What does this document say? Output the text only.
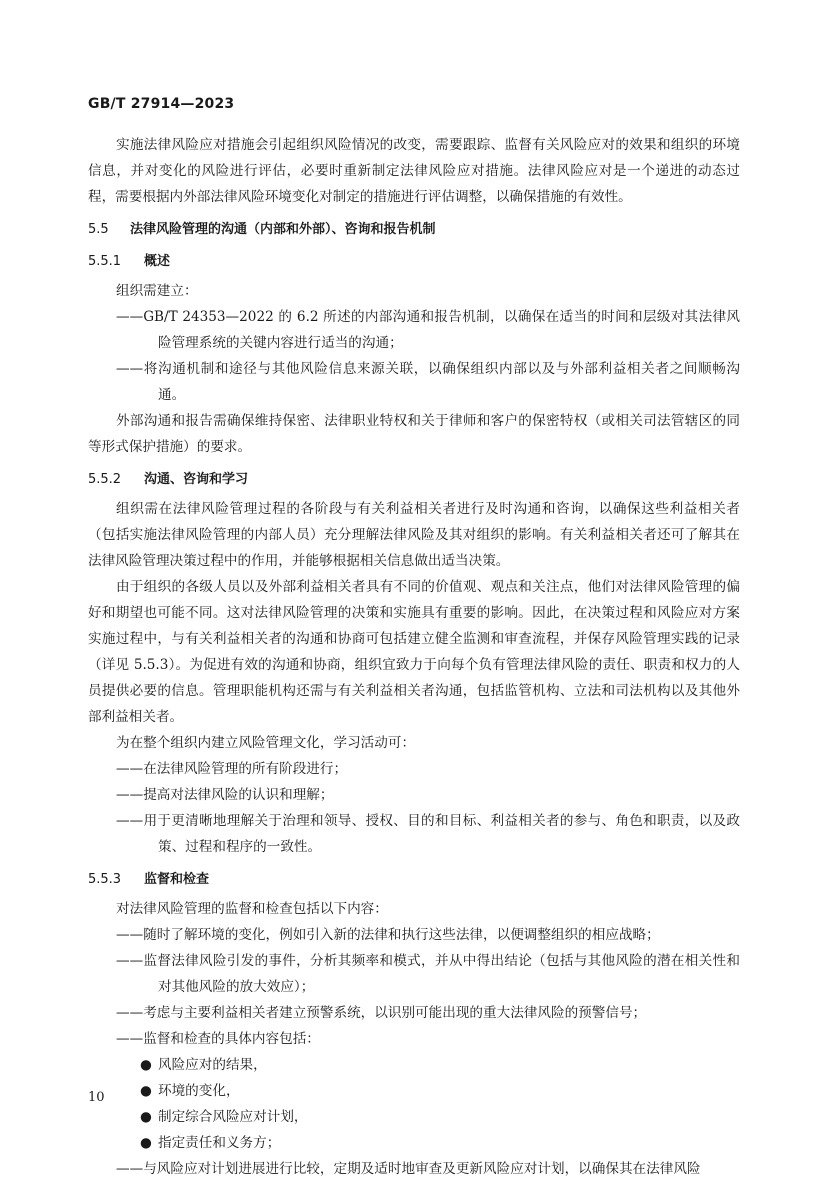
GB/T 27914—2023

实施法律风险应对措施会引起组织风险情况的改变，需要跟踪、监督有关风险应对的效果和组织的环境信息，并对变化的风险进行评估，必要时重新制定法律风险应对措施。法律风险应对是一个递进的动态过程，需要根据内外部法律风险环境变化对制定的措施进行评估调整，以确保措施的有效性。

5.5 法律风险管理的沟通（内部和外部）、咨询和报告机制
5.5.1 概述

组织需建立：

——GB/T 24353—2022 的 6.2 所述的内部沟通和报告机制，以确保在适当的时间和层级对其法律风险管理系统的关键内容进行适当的沟通；

——将沟通机制和途径与其他风险信息来源关联，以确保组织内部以及与外部利益相关者之间顺畅沟通。

外部沟通和报告需确保维持保密、法律职业特权和关于律师和客户的保密特权（或相关司法管辖区的同等形式保护措施）的要求。

5.5.2 沟通、咨询和学习

组织需在法律风险管理过程的各阶段与有关利益相关者进行及时沟通和咨询，以确保这些利益相关者（包括实施法律风险管理的内部人员）充分理解法律风险及其对组织的影响。有关利益相关者还可了解其在法律风险管理决策过程中的作用，并能够根据相关信息做出适当决策。

由于组织的各级人员以及外部利益相关者具有不同的价值观、观点和关注点，他们对法律风险管理的偏好和期望也可能不同。这对法律风险管理的决策和实施具有重要的影响。因此，在决策过程和风险应对方案实施过程中，与有关利益相关者的沟通和协商可包括建立健全监测和审查流程，并保存风险管理实践的记录（详见 5.5.3）。为促进有效的沟通和协商，组织宜致力于向每个负有管理法律风险的责任、职责和权力的人员提供必要的信息。管理职能机构还需与有关利益相关者沟通，包括监管机构、立法和司法机构以及其他外部利益相关者。

为在整个组织内建立风险管理文化，学习活动可：

——在法律风险管理的所有阶段进行；

——提高对法律风险的认识和理解；

——用于更清晰地理解关于治理和领导、授权、目的和目标、利益相关者的参与、角色和职责，以及政策、过程和程序的一致性。

5.5.3 监督和检查

对法律风险管理的监督和检查包括以下内容：

——随时了解环境的变化，例如引入新的法律和执行这些法律，以便调整组织的相应战略；

——监督法律风险引发的事件，分析其频率和模式，并从中得出结论（包括与其他风险的潜在相关性和对其他风险的放大效应）；

——考虑与主要利益相关者建立预警系统，以识别可能出现的重大法律风险的预警信号；

——监督和检查的具体内容包括：

● 风险应对的结果，

● 环境的变化，

● 制定综合风险应对计划，

● 指定责任和义务方；

——与风险应对计划进展进行比较，定期及适时地审查及更新风险应对计划，以确保其在法律风险

10
